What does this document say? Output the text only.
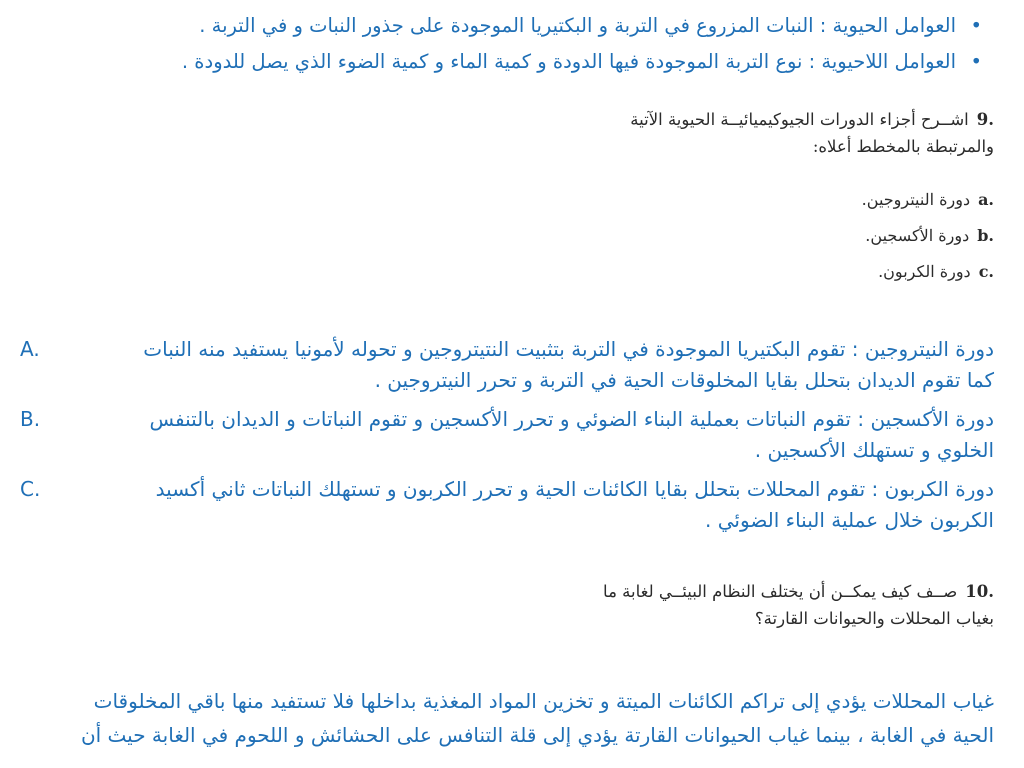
•
العوامل الحيوية : النبات المزروع في التربة و البكتيريا الموجودة على جذور النبات و في التربة .
•
العوامل اللاحيوية : نوع التربة الموجودة فيها الدودة و كمية الماء و كمية الضوء الذي يصل للدودة .
9.اشــرح أجزاء الدورات الجيوكيميائيــة الحيوية الآتية
والمرتبطة بالمخطط أعلاه:
a.دورة النيتروجين.
b.دورة الأكسجين.
c.دورة الكربون.
A.	دورة النيتروجين : تقوم البكتيريا الموجودة في التربة بتثبيت النتيتروجين و تحوله لأمونيا يستفيد منه النبات
كما تقوم الديدان بتحلل بقايا المخلوقات الحية في التربة و تحرر النيتروجين .
B.	دورة الأكسجين : تقوم النباتات بعملية البناء الضوئي و تحرر الأكسجين و تقوم النباتات و الديدان بالتنفس
الخلوي و تستهلك الأكسجين .
C.	دورة الكربون : تقوم المحللات بتحلل بقايا الكائنات الحية و تحرر الكربون و تستهلك النباتات ثاني أكسيد
الكربون خلال عملية البناء الضوئي .
10.صــف كيف يمكــن أن يختلف النظام البيئــي لغابة ما
بغياب المحللات والحيوانات القارتة؟
غياب المحللات يؤدي إلى تراكم الكائنات الميتة و تخزين المواد المغذية بداخلها فلا تستفيد منها باقي المخلوقات
الحية في الغابة ، بينما غياب الحيوانات القارتة يؤدي إلى قلة التنافس على الحشائش و اللحوم في الغابة حيث أن
